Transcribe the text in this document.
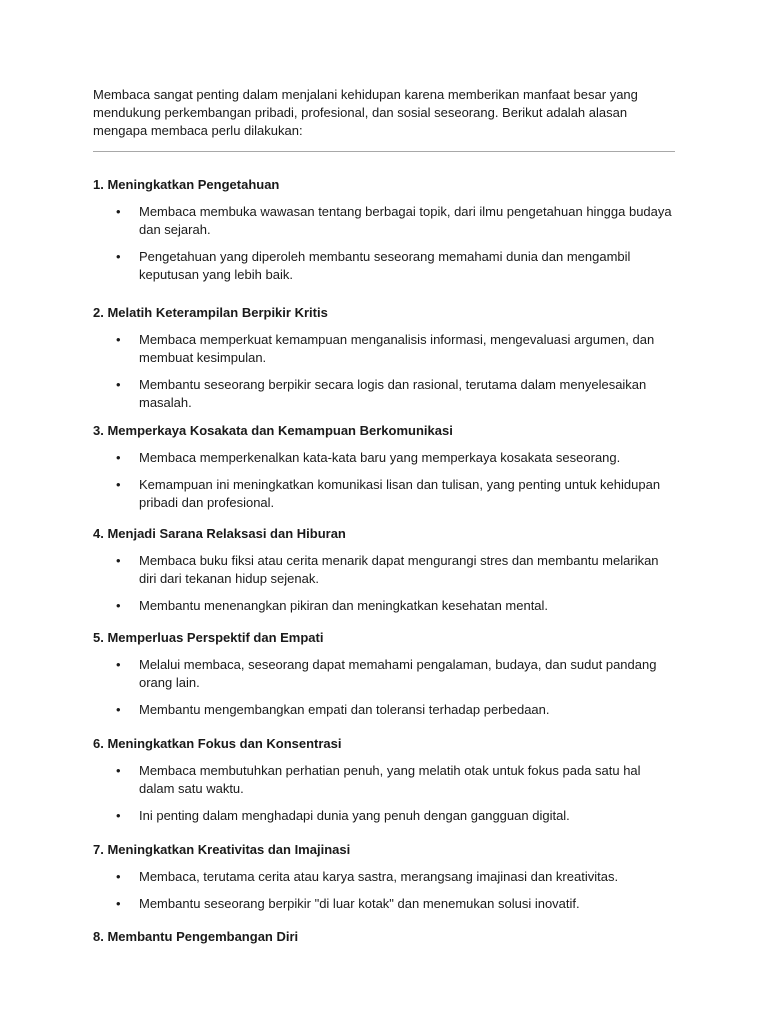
Membaca sangat penting dalam menjalani kehidupan karena memberikan manfaat besar yang mendukung perkembangan pribadi, profesional, dan sosial seseorang. Berikut adalah alasan mengapa membaca perlu dilakukan:

1. Meningkatkan Pengetahuan

• Membaca membuka wawasan tentang berbagai topik, dari ilmu pengetahuan hingga budaya dan sejarah.
• Pengetahuan yang diperoleh membantu seseorang memahami dunia dan mengambil keputusan yang lebih baik.

2. Melatih Keterampilan Berpikir Kritis

• Membaca memperkuat kemampuan menganalisis informasi, mengevaluasi argumen, dan membuat kesimpulan.
• Membantu seseorang berpikir secara logis dan rasional, terutama dalam menyelesaikan masalah.

3. Memperkaya Kosakata dan Kemampuan Berkomunikasi

• Membaca memperkenalkan kata-kata baru yang memperkaya kosakata seseorang.
• Kemampuan ini meningkatkan komunikasi lisan dan tulisan, yang penting untuk kehidupan pribadi dan profesional.

4. Menjadi Sarana Relaksasi dan Hiburan

• Membaca buku fiksi atau cerita menarik dapat mengurangi stres dan membantu melarikan diri dari tekanan hidup sejenak.
• Membantu menenangkan pikiran dan meningkatkan kesehatan mental.

5. Memperluas Perspektif dan Empati

• Melalui membaca, seseorang dapat memahami pengalaman, budaya, dan sudut pandang orang lain.
• Membantu mengembangkan empati dan toleransi terhadap perbedaan.

6. Meningkatkan Fokus dan Konsentrasi

• Membaca membutuhkan perhatian penuh, yang melatih otak untuk fokus pada satu hal dalam satu waktu.
• Ini penting dalam menghadapi dunia yang penuh dengan gangguan digital.

7. Meningkatkan Kreativitas dan Imajinasi

• Membaca, terutama cerita atau karya sastra, merangsang imajinasi dan kreativitas.
• Membantu seseorang berpikir "di luar kotak" dan menemukan solusi inovatif.

8. Membantu Pengembangan Diri
